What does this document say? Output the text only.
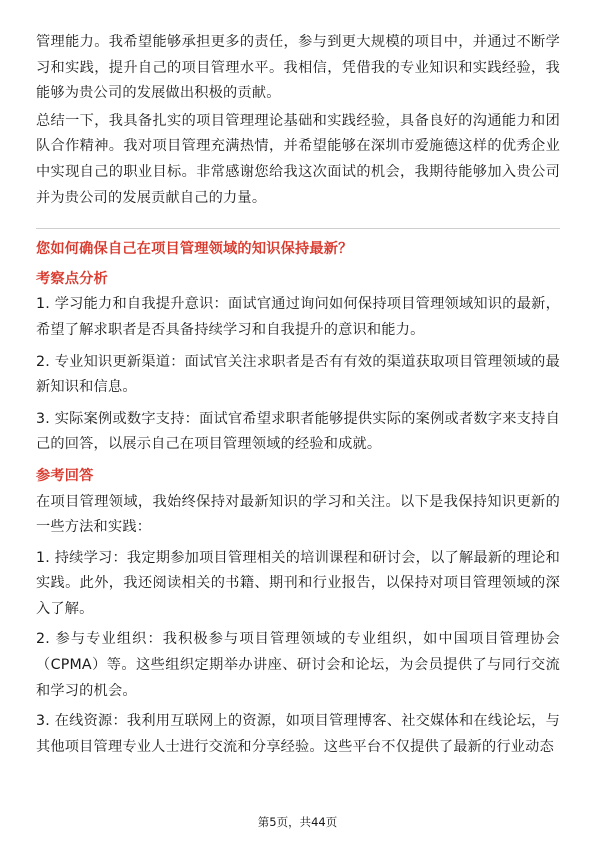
管理能力。我希望能够承担更多的责任，参与到更大规模的项目中，并通过不断学习和实践，提升自己的项目管理水平。我相信，凭借我的专业知识和实践经验，我能够为贵公司的发展做出积极的贡献。

总结一下，我具备扎实的项目管理理论基础和实践经验，具备良好的沟通能力和团队合作精神。我对项目管理充满热情，并希望能够在深圳市爱施德这样的优秀企业中实现自己的职业目标。非常感谢您给我这次面试的机会，我期待能够加入贵公司并为贵公司的发展贡献自己的力量。

您如何确保自己在项目管理领域的知识保持最新？

考察点分析

1. 学习能力和自我提升意识：面试官通过询问如何保持项目管理领域知识的最新，希望了解求职者是否具备持续学习和自我提升的意识和能力。

2. 专业知识更新渠道：面试官关注求职者是否有有效的渠道获取项目管理领域的最新知识和信息。

3. 实际案例或数字支持：面试官希望求职者能够提供实际的案例或者数字来支持自己的回答，以展示自己在项目管理领域的经验和成就。

参考回答

在项目管理领域，我始终保持对最新知识的学习和关注。以下是我保持知识更新的一些方法和实践：

1. 持续学习：我定期参加项目管理相关的培训课程和研讨会，以了解最新的理论和实践。此外，我还阅读相关的书籍、期刊和行业报告，以保持对项目管理领域的深入了解。

2. 参与专业组织：我积极参与项目管理领域的专业组织，如中国项目管理协会（CPMA）等。这些组织定期举办讲座、研讨会和论坛，为会员提供了与同行交流和学习的机会。

3. 在线资源：我利用互联网上的资源，如项目管理博客、社交媒体和在线论坛，与其他项目管理专业人士进行交流和分享经验。这些平台不仅提供了最新的行业动态

第5页，共44页
